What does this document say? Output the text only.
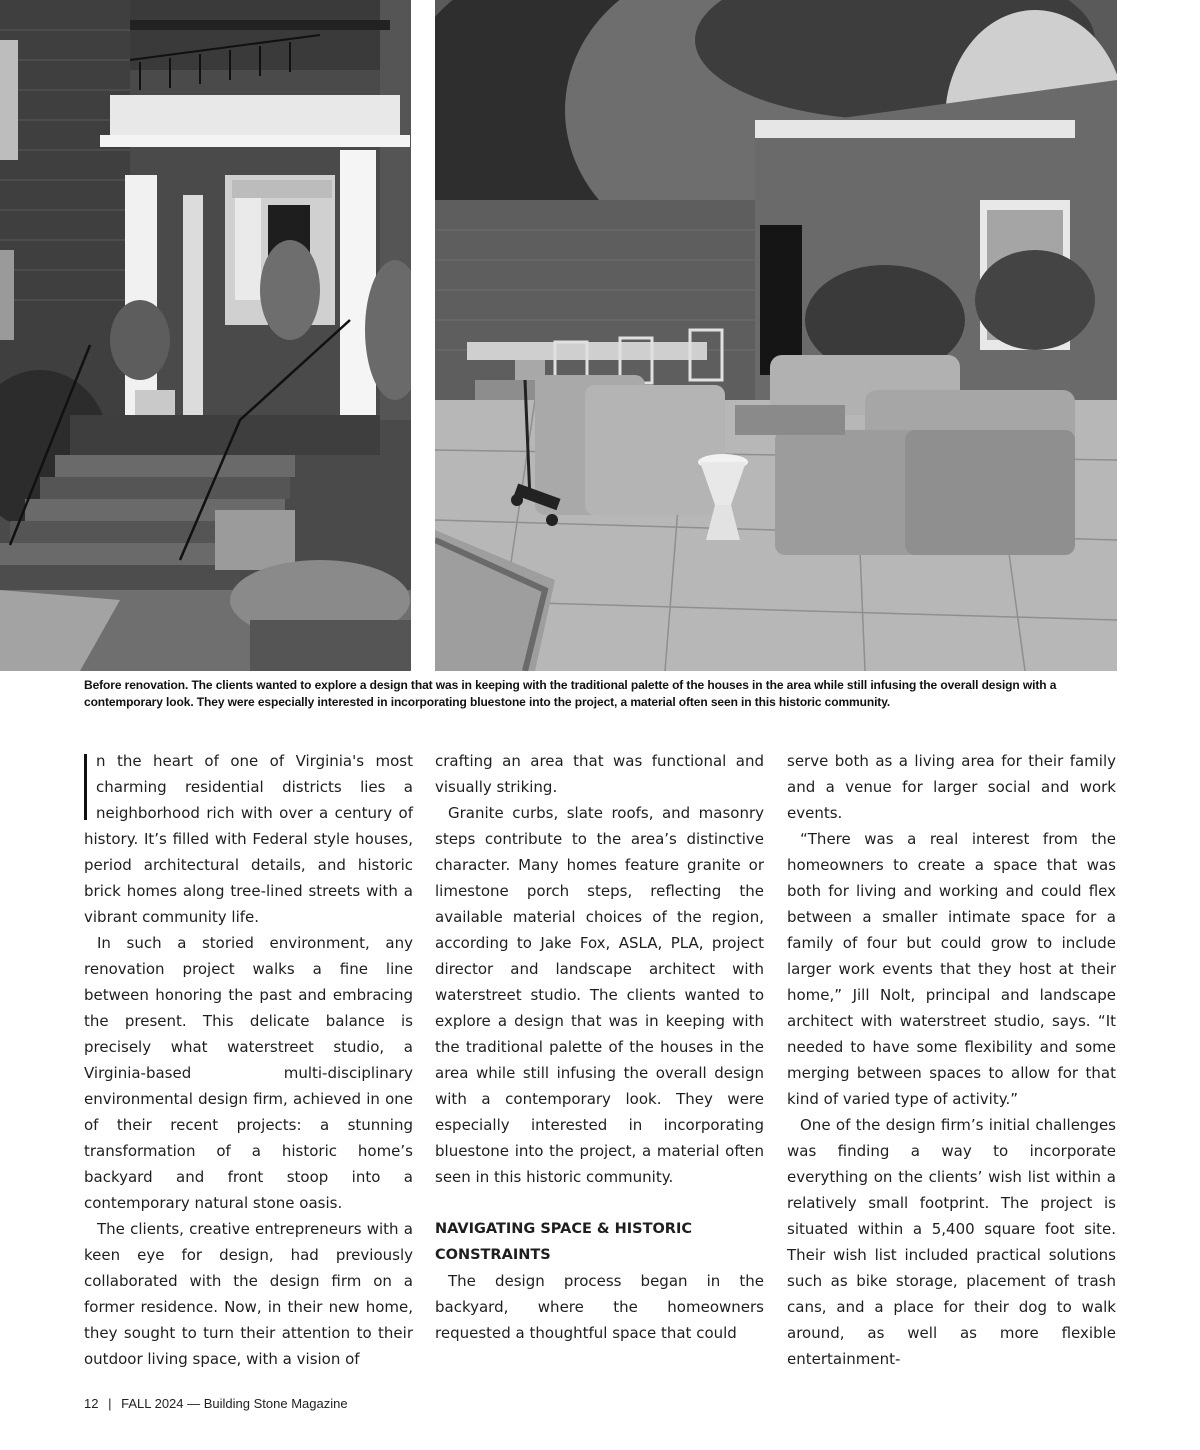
Before renovation. The clients wanted to explore a design that was in keeping with the traditional palette of the houses in the area while still infusing the overall design with a contemporary look. They were especially interested in incorporating bluestone into the project, a material often seen in this historic community.

n the heart of one of Virginia's most charming residential districts lies a neighborhood rich with over a century of history. It’s filled with Federal style houses, period architectural details, and historic brick homes along tree-lined streets with a vibrant community life.

In such a storied environment, any renovation project walks a fine line between honoring the past and embracing the present. This delicate balance is precisely what waterstreet studio, a Virginia-based multi-disciplinary environmental design firm, achieved in one of their recent projects: a stunning transformation of a historic home’s backyard and front stoop into a contemporary natural stone oasis.

The clients, creative entrepreneurs with a keen eye for design, had previously collaborated with the design firm on a former residence. Now, in their new home, they sought to turn their attention to their outdoor living space, with a vision of

crafting an area that was functional and visually striking.

Granite curbs, slate roofs, and masonry steps contribute to the area’s distinctive character. Many homes feature granite or limestone porch steps, reflecting the available material choices of the region, according to Jake Fox, ASLA, PLA, project director and landscape architect with waterstreet studio. The clients wanted to explore a design that was in keeping with the traditional palette of the houses in the area while still infusing the overall design with a contemporary look. They were especially interested in incorporating bluestone into the project, a material often seen in this historic community.

NAVIGATING SPACE & HISTORIC CONSTRAINTS

The design process began in the backyard, where the homeowners requested a thoughtful space that could

serve both as a living area for their family and a venue for larger social and work events.

“There was a real interest from the homeowners to create a space that was both for living and working and could flex between a smaller intimate space for a family of four but could grow to include larger work events that they host at their home,” Jill Nolt, principal and landscape architect with waterstreet studio, says. “It needed to have some flexibility and some merging between spaces to allow for that kind of varied type of activity.”

One of the design firm’s initial challenges was finding a way to incorporate everything on the clients’ wish list within a relatively small footprint. The project is situated within a 5,400 square foot site. Their wish list included practical solutions such as bike storage, placement of trash cans, and a place for their dog to walk around, as well as more flexible entertainment-

12 | FALL 2024 — Building Stone Magazine
